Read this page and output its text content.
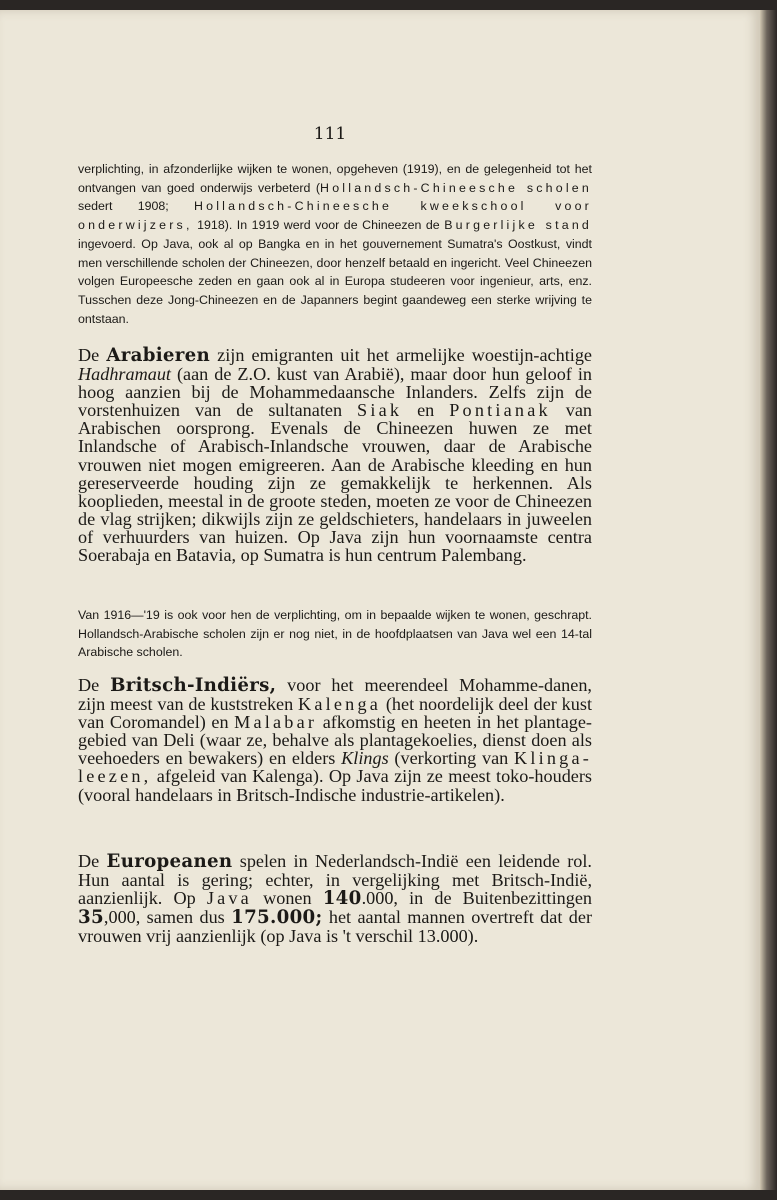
111
verplichting, in afzonderlijke wijken te wonen, opgeheven (1919), en de gelegenheid tot het ontvangen van goed onderwijs verbeterd (Hollandsch-Chineesche scholen sedert 1908; Hollandsch-Chineesche kweekschool voor onderwijzers, 1918). In 1919 werd voor de Chineezen de Burgerlijke stand ingevoerd. Op Java, ook al op Bangka en in het gouvernement Sumatra's Oostkust, vindt men verschillende scholen der Chineezen, door henzelf betaald en ingericht. Veel Chineezen volgen Europeesche zeden en gaan ook al in Europa studeeren voor ingenieur, arts, enz. Tusschen deze Jong-Chineezen en de Japanners begint gaandeweg een sterke wrijving te ontstaan.
De Arabieren zijn emigranten uit het armelijke woestijn-achtige Hadhramaut (aan de Z.O. kust van Arabië), maar door hun geloof in hoog aanzien bij de Mohammedaansche Inlanders. Zelfs zijn de vorstenhuizen van de sultanaten Siak en Pontianak van Arabischen oorsprong. Evenals de Chineezen huwen ze met Inlandsche of Arabisch-Inlandsche vrouwen, daar de Arabische vrouwen niet mogen emigreeren. Aan de Arabische kleeding en hun gereserveerde houding zijn ze gemakkelijk te herkennen. Als kooplieden, meestal in de groote steden, moeten ze voor de Chineezen de vlag strijken; dikwijls zijn ze geldschieters, handelaars in juweelen of verhuurders van huizen. Op Java zijn hun voornaamste centra Soerabaja en Batavia, op Sumatra is hun centrum Palembang.
Van 1916—'19 is ook voor hen de verplichting, om in bepaalde wijken te wonen, geschrapt. Hollandsch-Arabische scholen zijn er nog niet, in de hoofdplaatsen van Java wel een 14-tal Arabische scholen.
De Britsch-Indiërs, voor het meerendeel Mohamme-danen, zijn meest van de kuststreken Kalenga (het noordelijk deel der kust van Coromandel) en Malabar afkomstig en heeten in het plantage-gebied van Deli (waar ze, behalve als plantagekoelies, dienst doen als veehoeders en bewakers) en elders Klings (verkorting van Klinga-leezen, afgeleid van Kalenga). Op Java zijn ze meest toko-houders (vooral handelaars in Britsch-Indische industrie-artikelen).
De Europeanen spelen in Nederlandsch-Indië een leidende rol. Hun aantal is gering; echter, in vergelijking met Britsch-Indië, aanzienlijk. Op Java wonen 140.000, in de Buitenbezittingen 35,000, samen dus 175.000; het aantal mannen overtreft dat der vrouwen vrij aanzienlijk (op Java is 't verschil 13.000).
